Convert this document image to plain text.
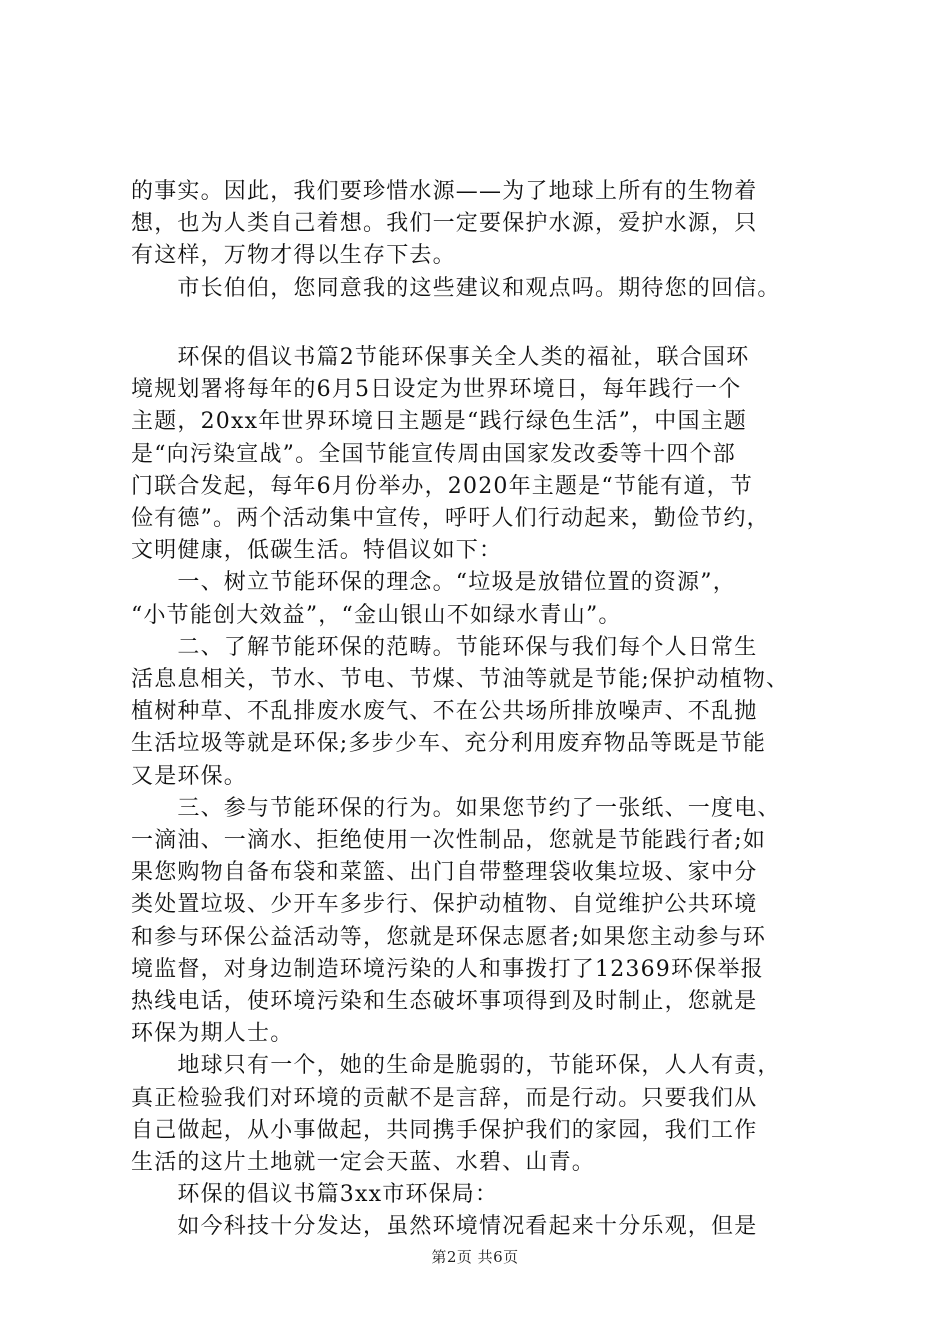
的事实。因此，我们要珍惜水源——为了地球上所有的生物着
想，也为人类自己着想。我们一定要保护水源，爱护水源，只
有这样，万物才得以生存下去。
　　市长伯伯，您同意我的这些建议和观点吗。期待您的回信。
　　环保的倡议书篇2节能环保事关全人类的福祉，联合国环
境规划署将每年的6月5日设定为世界环境日，每年践行一个
主题，20xx年世界环境日主题是“践行绿色生活”，中国主题
是“向污染宣战”。全国节能宣传周由国家发改委等十四个部
门联合发起，每年6月份举办，2020年主题是“节能有道，节
俭有德”。两个活动集中宣传，呼吁人们行动起来，勤俭节约，
文明健康，低碳生活。特倡议如下：
　　一、树立节能环保的理念。“垃圾是放错位置的资源”，
“小节能创大效益”，“金山银山不如绿水青山”。
　　二、了解节能环保的范畴。节能环保与我们每个人日常生
活息息相关，节水、节电、节煤、节油等就是节能;保护动植物、
植树种草、不乱排废水废气、不在公共场所排放噪声、不乱抛
生活垃圾等就是环保;多步少车、充分利用废弃物品等既是节能
又是环保。
　　三、参与节能环保的行为。如果您节约了一张纸、一度电、
一滴油、一滴水、拒绝使用一次性制品，您就是节能践行者;如
果您购物自备布袋和菜篮、出门自带整理袋收集垃圾、家中分
类处置垃圾、少开车多步行、保护动植物、自觉维护公共环境
和参与环保公益活动等，您就是环保志愿者;如果您主动参与环
境监督，对身边制造环境污染的人和事拨打了12369环保举报
热线电话，使环境污染和生态破坏事项得到及时制止，您就是
环保为期人士。
　　地球只有一个，她的生命是脆弱的，节能环保，人人有责，
真正检验我们对环境的贡献不是言辞，而是行动。只要我们从
自己做起，从小事做起，共同携手保护我们的家园，我们工作
生活的这片土地就一定会天蓝、水碧、山青。
　　环保的倡议书篇3xx市环保局：
　　如今科技十分发达，虽然环境情况看起来十分乐观，但是
第2页 共6页
